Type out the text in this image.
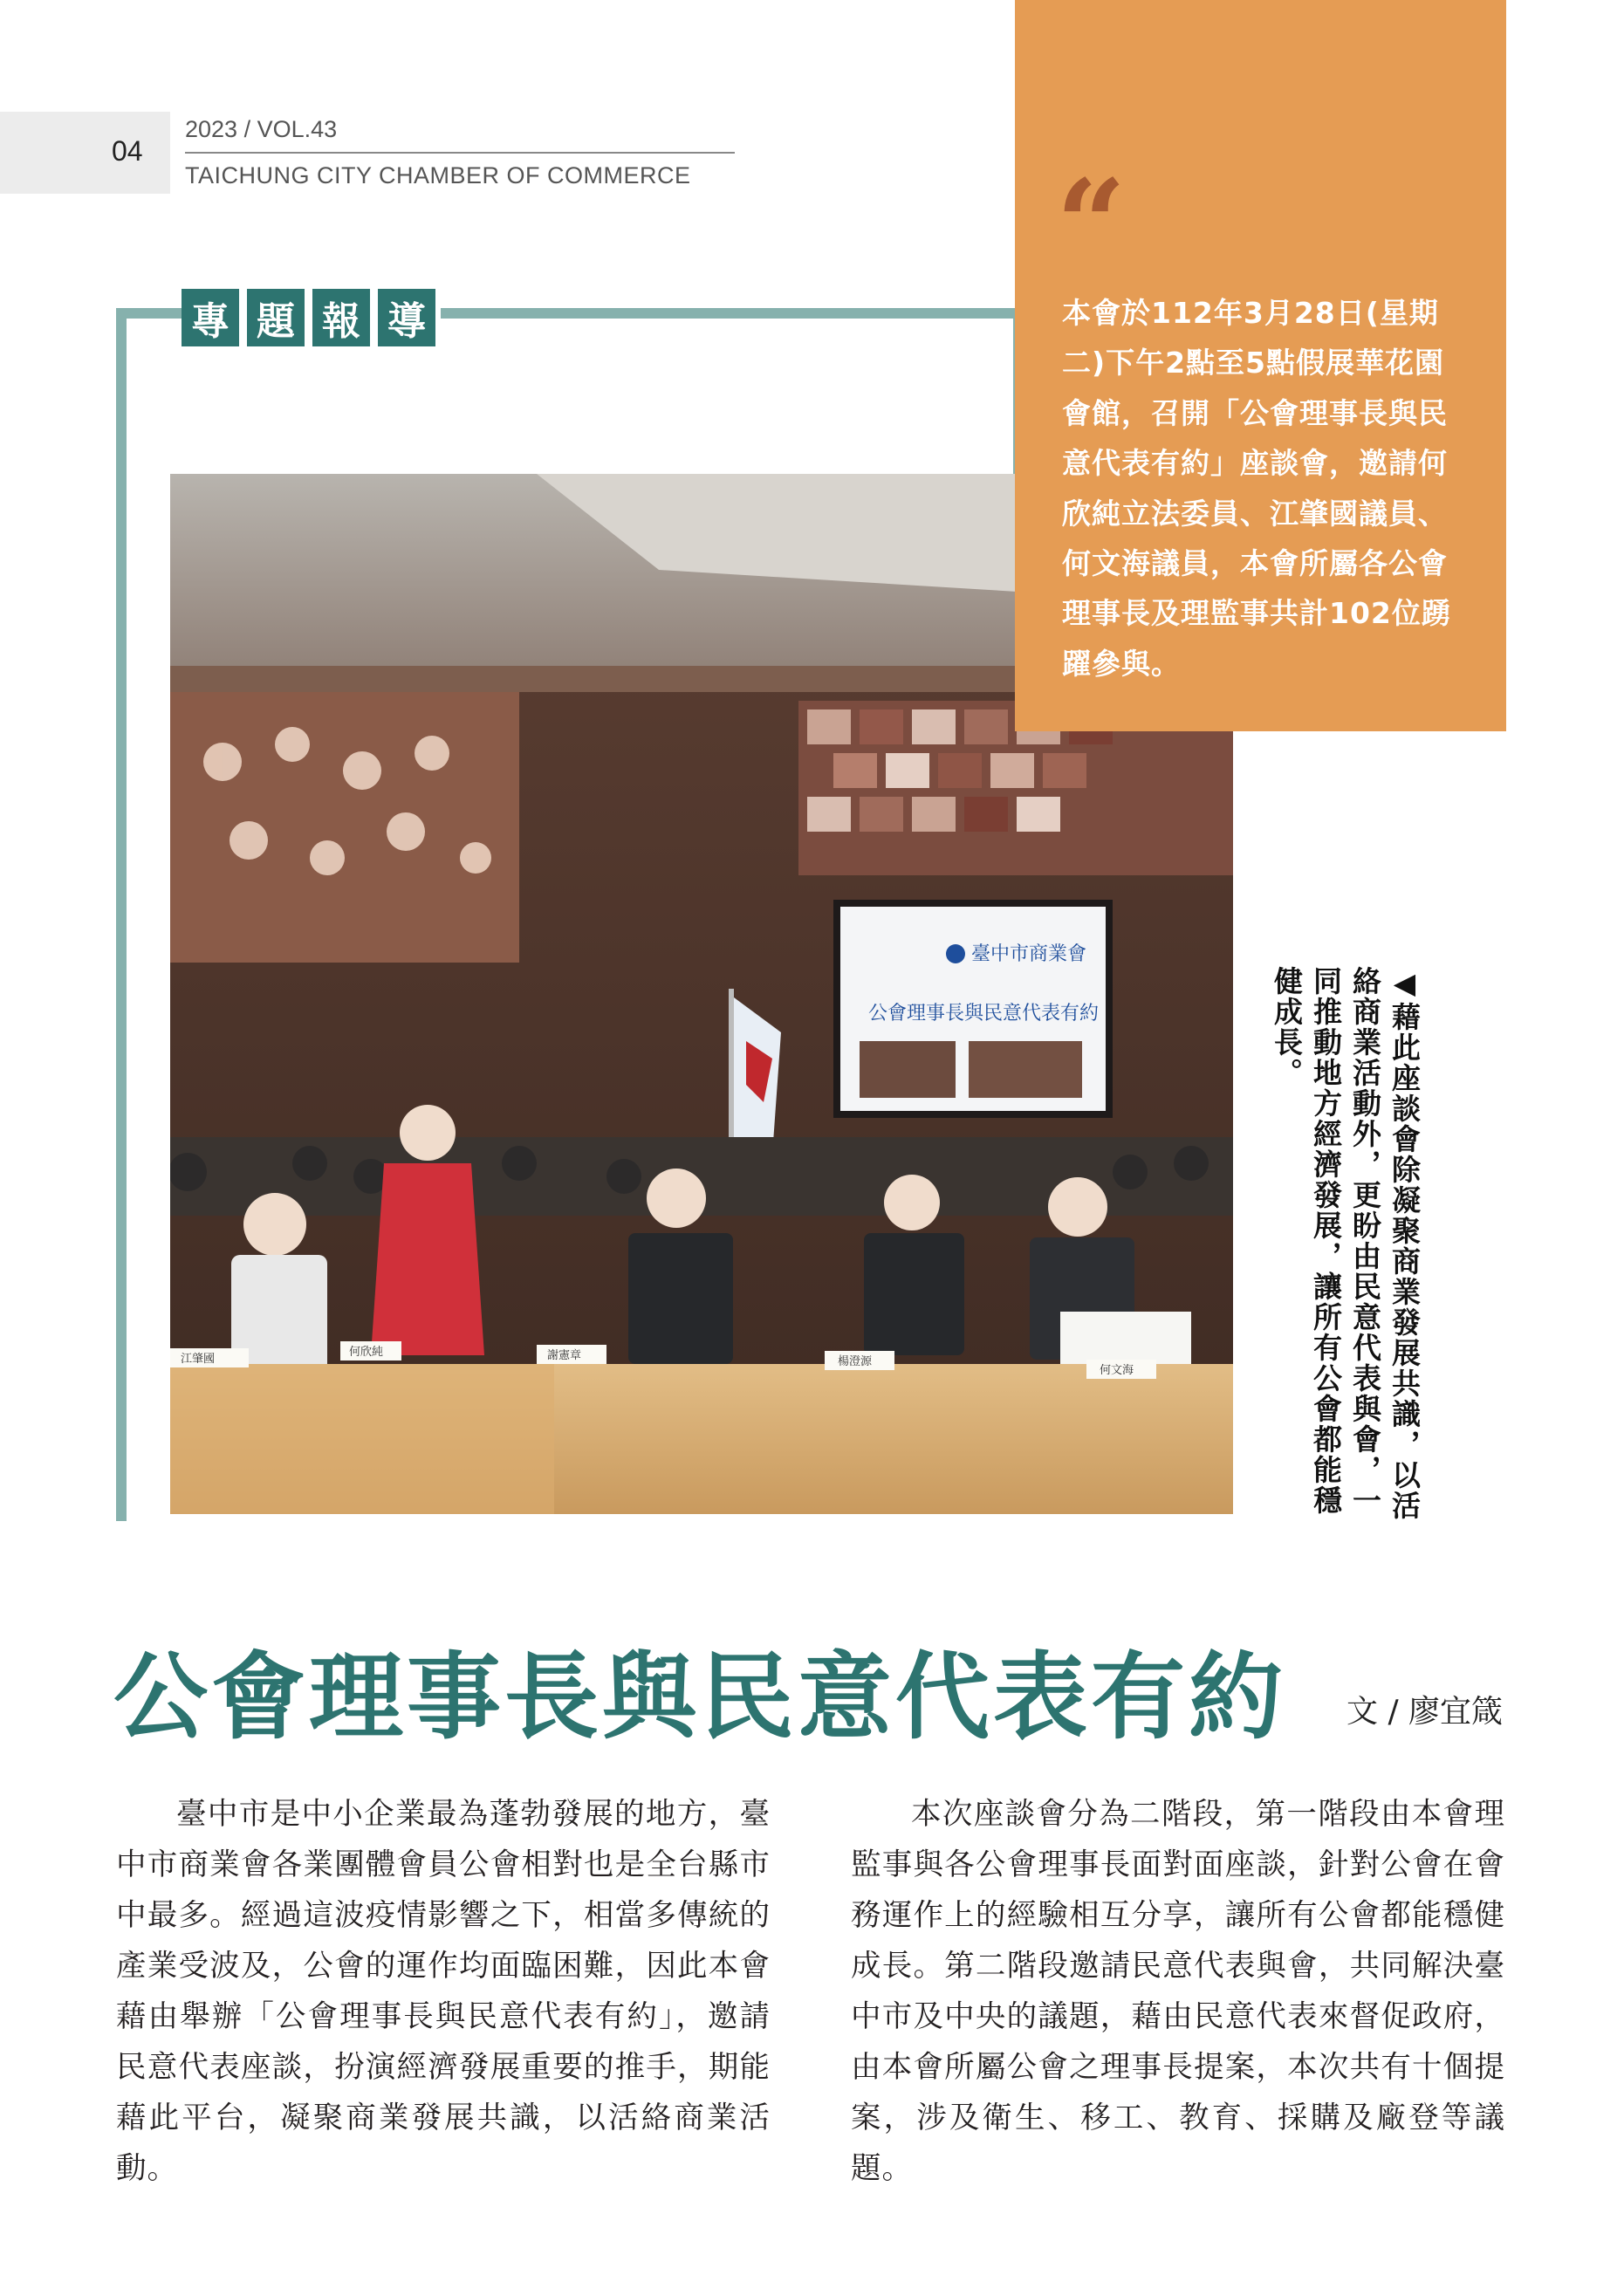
04
2023 / VOL.43
TAICHUNG CITY CHAMBER OF COMMERCE
專 題 報 導
臺中市商業會
公會理事長與民意代表有約
江肇國
何欣純	謝憲章	楊澄源
何文海
“
本會於112年3月28日(星期二)下午2點至5點假展華花園會館，召開「公會理事長與民意代表有約」座談會，邀請何欣純立法委員、江肇國議員、何文海議員，本會所屬各公會理事長及理監事共計102位踴躍參與。
◀藉此座談會除凝聚商業發展共識，以活絡商業活動外，更盼由民意代表與會，一同推動地方經濟發展，讓所有公會都能穩健成長。
公會理事長與民意代表有約 文 / 廖宜箴
臺中市是中小企業最為蓬勃發展的地方，臺中市商業會各業團體會員公會相對也是全台縣市中最多。經過這波疫情影響之下，相當多傳統的產業受波及，公會的運作均面臨困難，因此本會藉由舉辦「公會理事長與民意代表有約」，邀請民意代表座談，扮演經濟發展重要的推手，期能藉此平台，凝聚商業發展共識，以活絡商業活動。
本次座談會分為二階段，第一階段由本會理監事與各公會理事長面對面座談，針對公會在會務運作上的經驗相互分享，讓所有公會都能穩健成長。第二階段邀請民意代表與會，共同解決臺中市及中央的議題，藉由民意代表來督促政府，由本會所屬公會之理事長提案，本次共有十個提案，涉及衛生、移工、教育、採購及廠登等議題。
